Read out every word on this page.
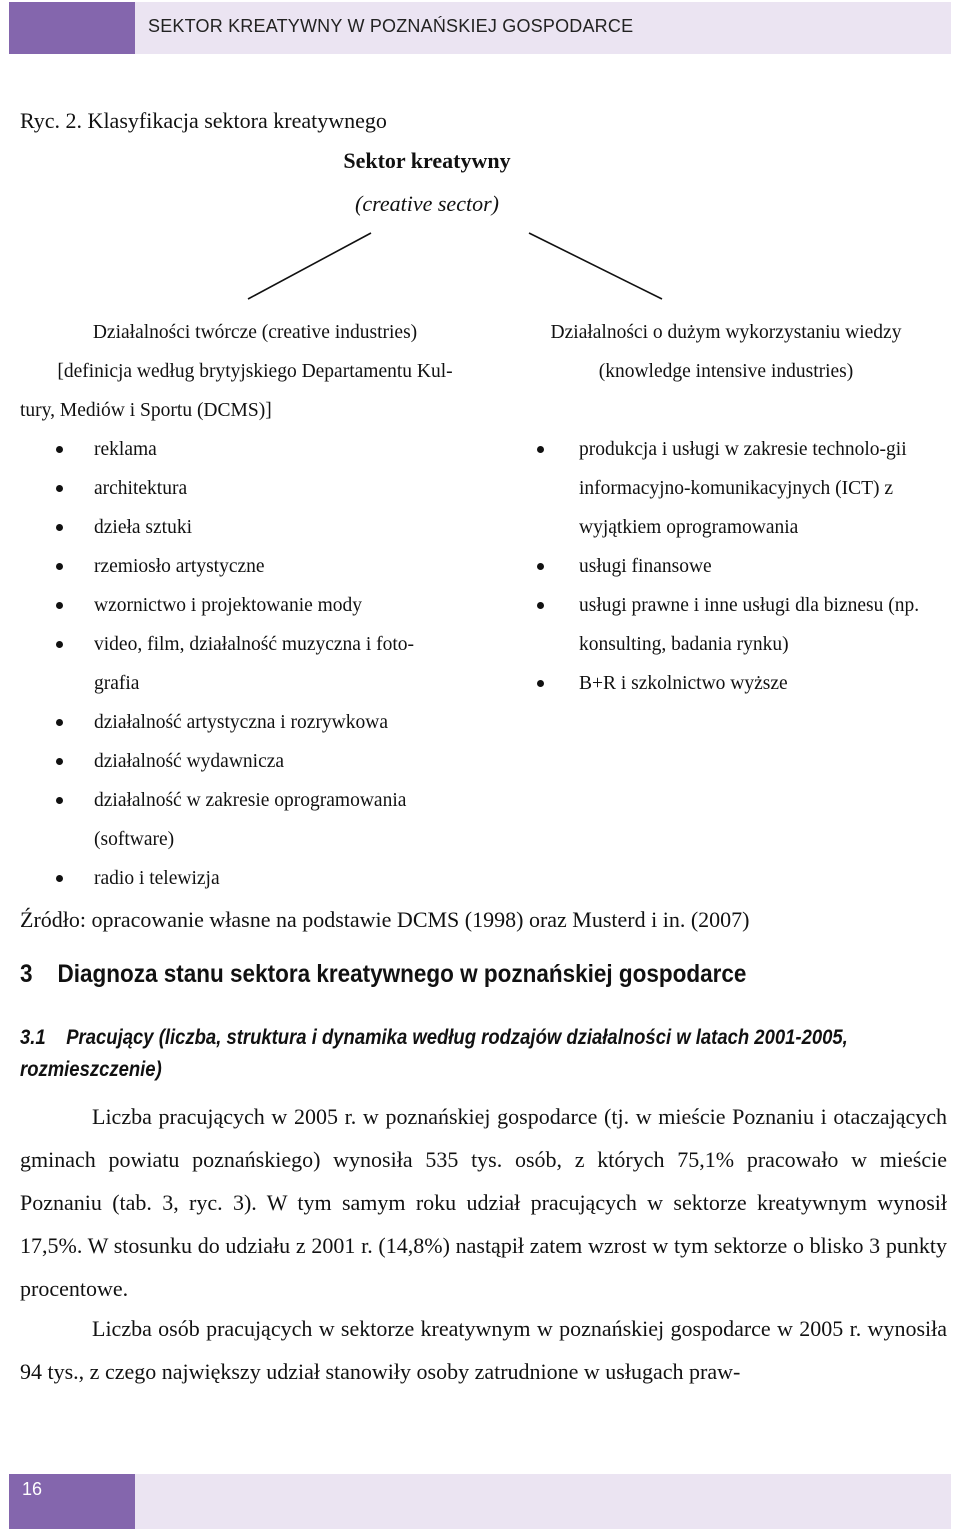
SEKTOR KREATYWNY W POZNAŃSKIEJ GOSPODARCE
Ryc. 2. Klasyfikacja sektora kreatywnego
Sektor kreatywny
(creative sector)
Działalności twórcze (creative industries)
[definicja według brytyjskiego Departamentu Kul-
tury, Mediów i Sportu (DCMS)]
Działalności o dużym wykorzystaniu wiedzy
(knowledge intensive industries)
reklama
architektura
dzieła sztuki
rzemiosło artystyczne
wzornictwo i projektowanie mody
video, film, działalność muzyczna i foto-grafia
działalność artystyczna i rozrywkowa
działalność wydawnicza
działalność w zakresie oprogramowania (software)
radio i telewizja
produkcja i usługi w zakresie technolo-gii informacyjno-komunikacyjnych (ICT) z wyjątkiem oprogramowania
usługi finansowe
usługi prawne i inne usługi dla biznesu (np. konsulting, badania rynku)
B+R i szkolnictwo wyższe
Źródło: opracowanie własne na podstawie DCMS (1998) oraz Musterd i in. (2007)
3    Diagnoza stanu sektora kreatywnego w poznańskiej gospodarce
3.1    Pracujący (liczba, struktura i dynamika według rodzajów działalności w latach 2001-2005, rozmieszczenie)
Liczba pracujących w 2005 r. w poznańskiej gospodarce (tj. w mieście Poznaniu i otaczających gminach powiatu poznańskiego) wynosiła 535 tys. osób, z których 75,1% pracowało w mieście Poznaniu (tab. 3, ryc. 3). W tym samym roku udział pracujących w sektorze kreatywnym wynosił 17,5%. W stosunku do udziału z 2001 r. (14,8%) nastąpił zatem wzrost w tym sektorze o blisko 3 punkty procentowe.
Liczba osób pracujących w sektorze kreatywnym w poznańskiej gospodarce w 2005 r. wynosiła 94 tys., z czego największy udział stanowiły osoby zatrudnione w usługach praw-
16
